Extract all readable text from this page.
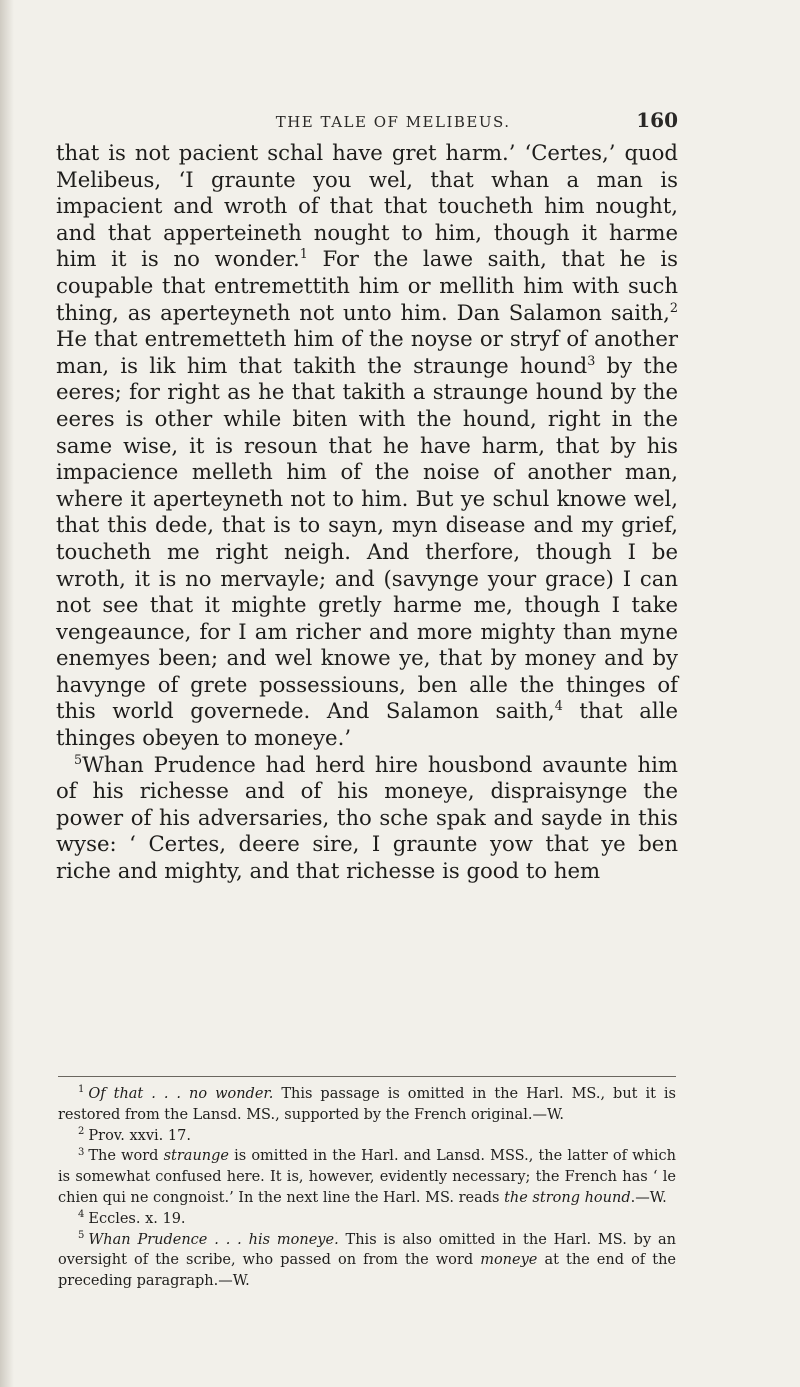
THE TALE OF MELIBEUS.	160

that is not pacient schal have gret harm.’ ‘Certes,’ quod Melibeus, ‘I graunte you wel, that whan a man is impacient and wroth of that that toucheth him nought, and that apperteineth nought to him, though it harme him it is no wonder.$^1$ For the lawe saith, that he is coupable that entremettith him or mellith him with such thing, as aperteyneth not unto him. Dan Salamon saith,$^2$ He that entremetteth him of the noyse or stryf of another man, is lik him that takith the straunge hound$^3$ by the eeres; for right as he that takith a straunge hound by the eeres is other while biten with the hound, right in the same wise, it is resoun that he have harm, that by his impacience melleth him of the noise of another man, where it aperteyneth not to him. But ye schul knowe wel, that this dede, that is to sayn, myn disease and my grief, toucheth me right neigh. And therfore, though I be wroth, it is no mervayle; and (savynge your grace) I can not see that it mighte gretly harme me, though I take vengeaunce, for I am richer and more mighty than myne enemyes been; and wel knowe ye, that by money and by havynge of grete possessiouns, ben alle the thinges of this world governede. And Salamon saith,$^4$ that alle thinges obeyen to moneye.’

$^5$Whan Prudence had herd hire housbond avaunte him of his richesse and of his moneye, dispraisynge the power of his adversaries, tho sche spak and sayde in this wyse: ‘ Certes, deere sire, I graunte yow that ye ben riche and mighty, and that richesse is good to hem

$^1$ Of that . . . no wonder. This passage is omitted in the Harl. MS., but it is restored from the Lansd. MS., supported by the French original.—W.

$^2$ Prov. xxvi. 17.

$^3$ The word straunge is omitted in the Harl. and Lansd. MSS., the latter of which is somewhat confused here. It is, however, evidently necessary; the French has ‘ le chien qui ne congnoist.’ In the next line the Harl. MS. reads the strong hound.—W.

$^4$ Eccles. x. 19.

$^5$ Whan Prudence . . . his moneye. This is also omitted in the Harl. MS. by an oversight of the scribe, who passed on from the word moneye at the end of the preceding paragraph.—W.
